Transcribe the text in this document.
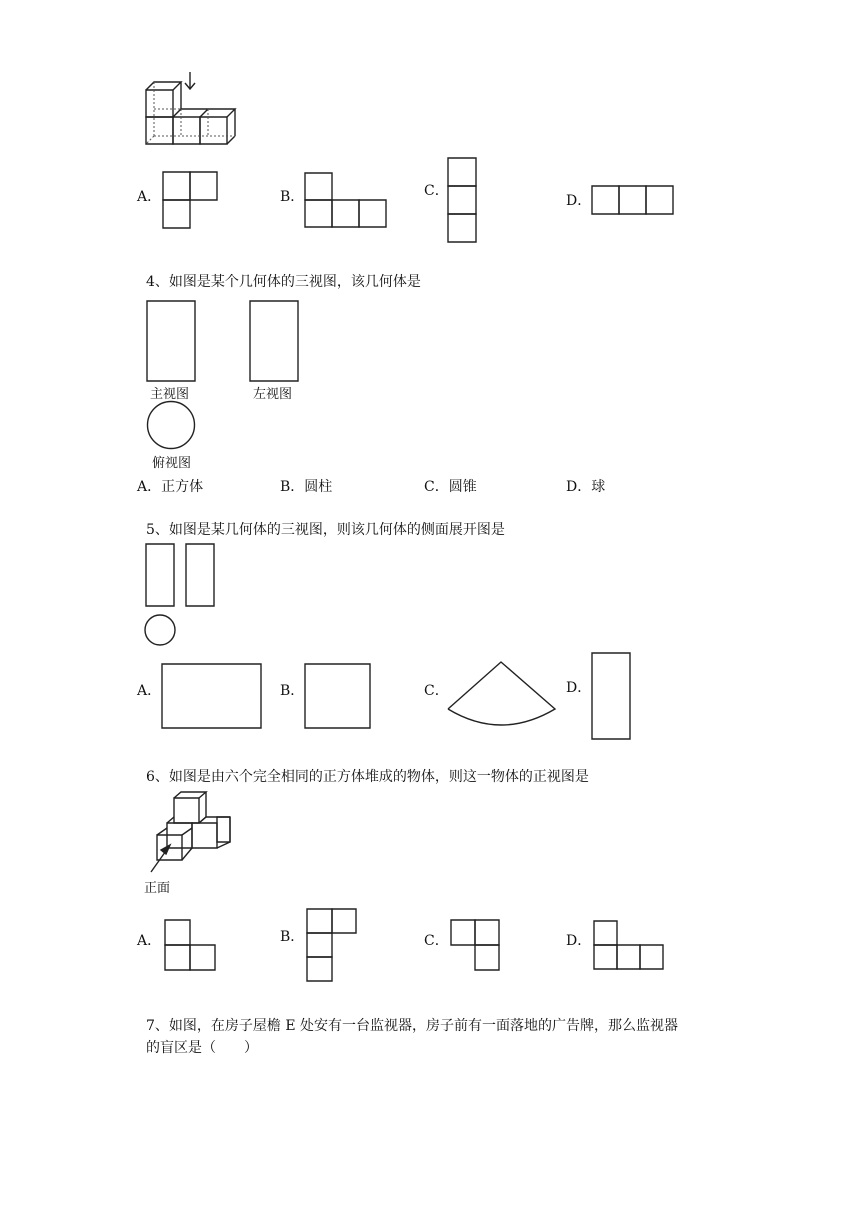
A．	B．	C．
D．
4、如图是某个几何体的三视图，该几何体是
主视图	左视图
俯视图
A．正方体	B．圆柱	C．圆锥	D．球
5、如图是某几何体的三视图，则该几何体的侧面展开图是
A．	B．	C．	D．
6、如图是由六个完全相同的正方体堆成的物体，则这一物体的正视图是
正面
A．	B．	C．	D．
7、如图，在房子屋檐 E 处安有一台监视器，房子前有一面落地的广告牌，那么监视器
的盲区是（　　）
